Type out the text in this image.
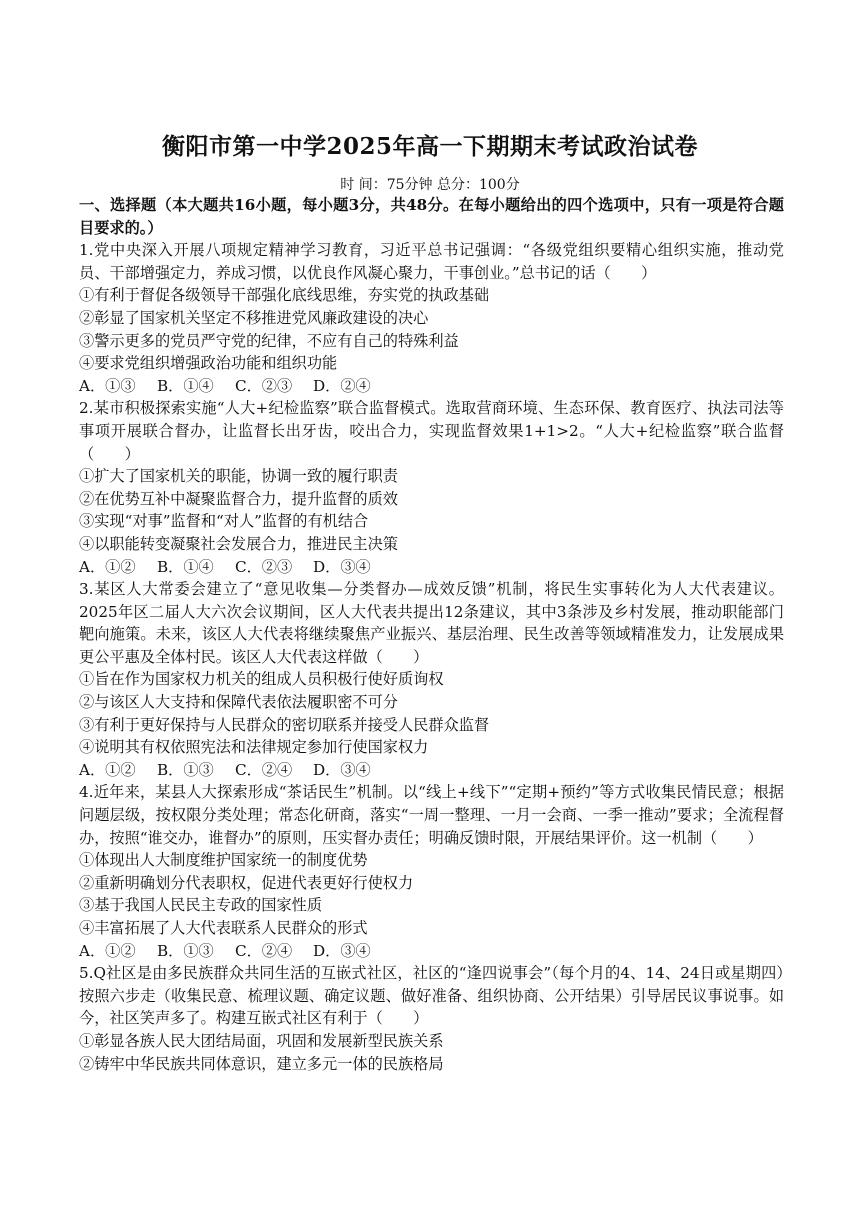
衡阳市第一中学2025年高一下期期末考试政治试卷
时 间：75分钟 总分：100分

一、选择题（本大题共16小题，每小题3分，共48分。在每小题给出的四个选项中，只有一项是符合题目要求的。）

1.党中央深入开展八项规定精神学习教育，习近平总书记强调：“各级党组织要精心组织实施，推动党员、干部增强定力，养成习惯，以优良作风凝心聚力，干事创业。”总书记的话（　　）

①有利于督促各级领导干部强化底线思维，夯实党的执政基础

②彰显了国家机关坚定不移推进党风廉政建设的决心

③警示更多的党员严守党的纪律，不应有自己的特殊利益

④要求党组织增强政治功能和组织功能

A．①③	B．①④	C．②③	D．②④

2.某市积极探索实施“人大+纪检监察”联合监督模式。选取营商环境、生态环保、教育医疗、执法司法等事项开展联合督办，让监督长出牙齿，咬出合力，实现监督效果1+1>2。“人大+纪检监察”联合监督（　　）

①扩大了国家机关的职能，协调一致的履行职责

②在优势互补中凝聚监督合力，提升监督的质效

③实现“对事”监督和“对人”监督的有机结合

④以职能转变凝聚社会发展合力，推进民主决策

A．①②	B．①④	C．②③	D．③④

3.某区人大常委会建立了“意见收集—分类督办—成效反馈”机制，将民生实事转化为人大代表建议。2025年区二届人大六次会议期间，区人大代表共提出12条建议，其中3条涉及乡村发展，推动职能部门靶向施策。未来，该区人大代表将继续聚焦产业振兴、基层治理、民生改善等领域精准发力，让发展成果更公平惠及全体村民。该区人大代表这样做（　　）

①旨在作为国家权力机关的组成人员积极行使好质询权

②与该区人大支持和保障代表依法履职密不可分

③有利于更好保持与人民群众的密切联系并接受人民群众监督

④说明其有权依照宪法和法律规定参加行使国家权力

A．①②	B．①③	C．②④	D．③④

4.近年来，某县人大探索形成“茶话民生”机制。以“线上+线下”“定期+预约”等方式收集民情民意；根据问题层级，按权限分类处理；常态化研商，落实“一周一整理、一月一会商、一季一推动”要求；全流程督办，按照“谁交办，谁督办”的原则，压实督办责任；明确反馈时限，开展结果评价。这一机制（　　）

①体现出人大制度维护国家统一的制度优势

②重新明确划分代表职权，促进代表更好行使权力

③基于我国人民民主专政的国家性质

④丰富拓展了人大代表联系人民群众的形式

A．①②	B．①③	C．②④	D．③④

5.Q社区是由多民族群众共同生活的互嵌式社区，社区的“逢四说事会”（每个月的4、14、24日或星期四）按照六步走（收集民意、梳理议题、确定议题、做好准备、组织协商、公开结果）引导居民议事说事。如今，社区笑声多了。构建互嵌式社区有利于（　　）

①彰显各族人民大团结局面，巩固和发展新型民族关系

②铸牢中华民族共同体意识，建立多元一体的民族格局
